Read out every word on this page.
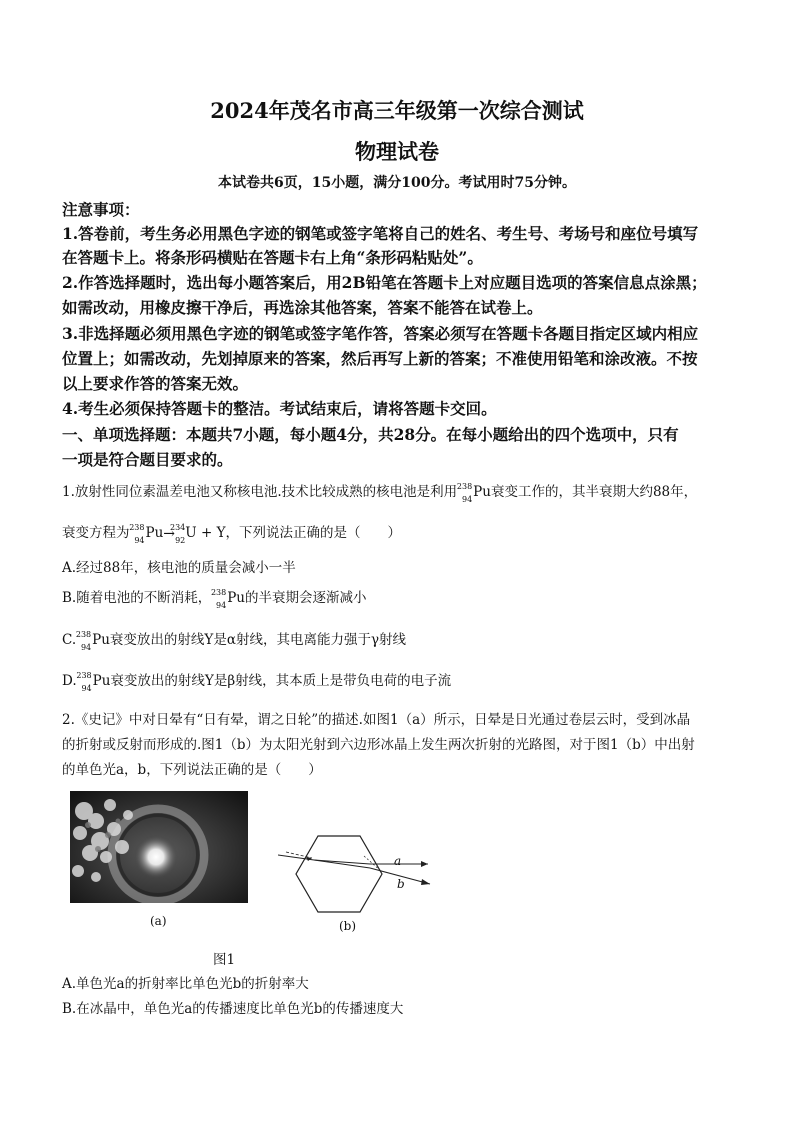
2024年茂名市高三年级第一次综合测试
物理试卷
本试卷共6页，15小题，满分100分。考试用时75分钟。
注意事项：
1.答卷前，考生务必用黑色字迹的钢笔或签字笔将自己的姓名、考生号、考场号和座位号填写
在答题卡上。将条形码横贴在答题卡右上角“条形码粘贴处”。
2.作答选择题时，选出每小题答案后，用2B铅笔在答题卡上对应题目选项的答案信息点涂黑；
如需改动，用橡皮擦干净后，再选涂其他答案，答案不能答在试卷上。
3.非选择题必须用黑色字迹的钢笔或签字笔作答，答案必须写在答题卡各题目指定区域内相应
位置上；如需改动，先划掉原来的答案，然后再写上新的答案；不准使用铅笔和涂改液。不按
以上要求作答的答案无效。
4.考生必须保持答题卡的整洁。考试结束后，请将答题卡交回。
一、单项选择题：本题共7小题，每小题4分，共28分。在每小题给出的四个选项中，只有
一项是符合题目要求的。
1.放射性同位素温差电池又称核电池.技术比较成熟的核电池是利用 238
94 Pu衰变工作的，其半衰期大约88年，
衰变方程为 238
94 Pu →
234
92 U + Y，下列说法正确的是（　　）
A.经过88年，核电池的质量会减小一半
B.随着电池的不断消耗， 238
94 Pu的半衰期会逐渐减小
C. 238
94 Pu衰变放出的射线Y是α射线，其电离能力强于γ射线
D. 238
94 Pu衰变放出的射线Y是β射线，其本质上是带负电荷的电子流
2.《史记》中对日晕有“日有晕，谓之日轮”的描述.如图1（a）所示，日晕是日光通过卷层云时，受到冰晶
的折射或反射而形成的.图1（b）为太阳光射到六边形冰晶上发生两次折射的光路图，对于图1（b）中出射
的单色光a，b，下列说法正确的是（　　）
(a)
a
b
(b)
图1
A.单色光a的折射率比单色光b的折射率大
B.在冰晶中，单色光a的传播速度比单色光b的传播速度大
